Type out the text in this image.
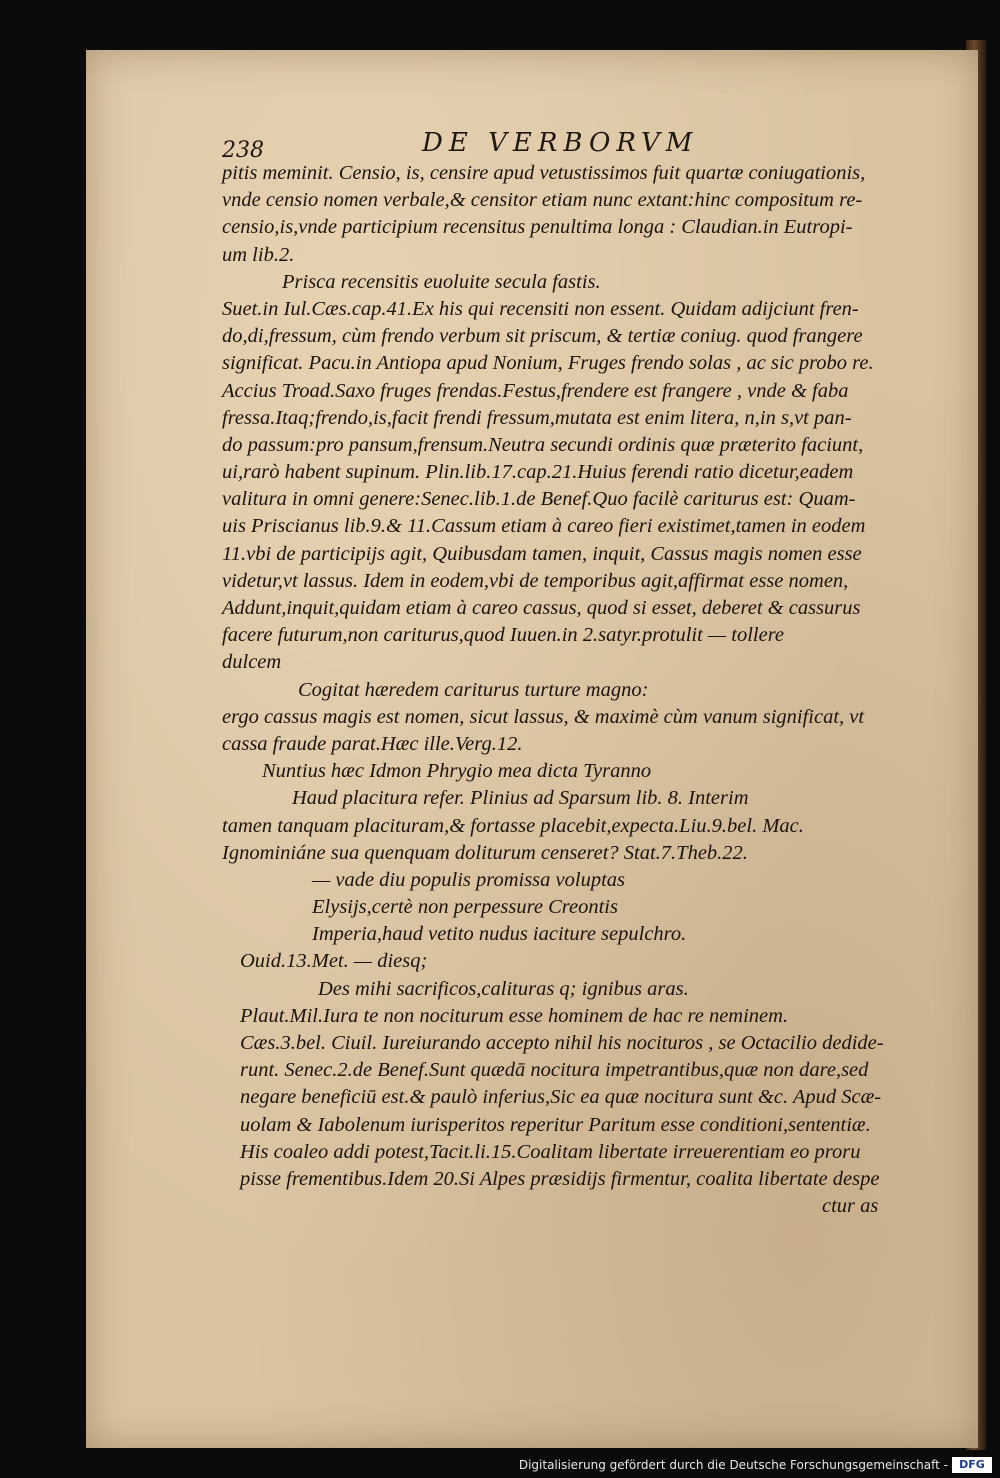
238	DE VERBORVM
pitis meminit. Censio, is, censire apud vetustissimos fuit quartæ coniugationis,
vnde censio nomen verbale,& censitor etiam nunc extant:hinc compositum re-
censio,is,vnde participium recensitus penultima longa : Claudian.in Eutropi-
um lib.2.
Prisca recensitis euoluite secula fastis.
Suet.in Iul.Cæs.cap.41.Ex his qui recensiti non essent. Quidam adijciunt fren-
do,di,fressum, cùm frendo verbum sit priscum, & tertiæ coniug. quod frangere
significat. Pacu.in Antiopa apud Nonium, Fruges frendo solas , ac sic probo re.
Accius Troad.Saxo fruges frendas.Festus,frendere est frangere , vnde & faba
fressa.Itaq;frendo,is,facit frendi fressum,mutata est enim litera, n,in s,vt pan-
do passum:pro pansum,frensum.Neutra secundi ordinis quæ præterito faciunt,
ui,rarò habent supinum. Plin.lib.17.cap.21.Huius ferendi ratio dicetur,eadem
valitura in omni genere:Senec.lib.1.de Benef.Quo facilè cariturus est: Quam-
uis Priscianus lib.9.& 11.Cassum etiam à careo fieri existimet,tamen in eodem
11.vbi de participijs agit, Quibusdam tamen, inquit, Cassus magis nomen esse
videtur,vt lassus. Idem in eodem,vbi de temporibus agit,affirmat esse nomen,
Addunt,inquit,quidam etiam à careo cassus, quod si esset, deberet & cassurus
facere futurum,non cariturus,quod Iuuen.in 2.satyr.protulit — tollere
dulcem
Cogitat hæredem cariturus turture magno:
ergo cassus magis est nomen, sicut lassus, & maximè cùm vanum significat, vt
cassa fraude parat.Hæc ille.Verg.12.
Nuntius hæc Idmon Phrygio mea dicta Tyranno
Haud placitura refer. Plinius ad Sparsum lib. 8. Interim
tamen tanquam placituram,& fortasse placebit,expecta.Liu.9.bel. Mac.
Ignominiáne sua quenquam doliturum censeret? Stat.7.Theb.22.
— vade diu populis promissa voluptas
Elysijs,certè non perpessure Creontis
Imperia,haud vetito nudus iaciture sepulchro.
Ouid.13.Met. — diesq;
Des mihi sacrificos,calituras q; ignibus aras.
Plaut.Mil.Iura te non nociturum esse hominem de hac re neminem.
Cæs.3.bel. Ciuil. Iureiurando accepto nihil his nocituros , se Octacilio dedide-
runt. Senec.2.de Benef.Sunt quædā nocitura impetrantibus,quæ non dare,sed
negare beneficiū est.& paulò inferius,Sic ea quæ nocitura sunt &c. Apud Scæ-
uolam & Iabolenum iurisperitos reperitur Paritum esse conditioni,sententiæ.
His coaleo addi potest,Tacit.li.15.Coalitam libertate irreuerentiam eo proru
pisse frementibus.Idem 20.Si Alpes præsidijs firmentur, coalita libertate despe
ctur as
Digitalisierung gefördert durch die Deutsche Forschungsgemeinschaft -	DFG
